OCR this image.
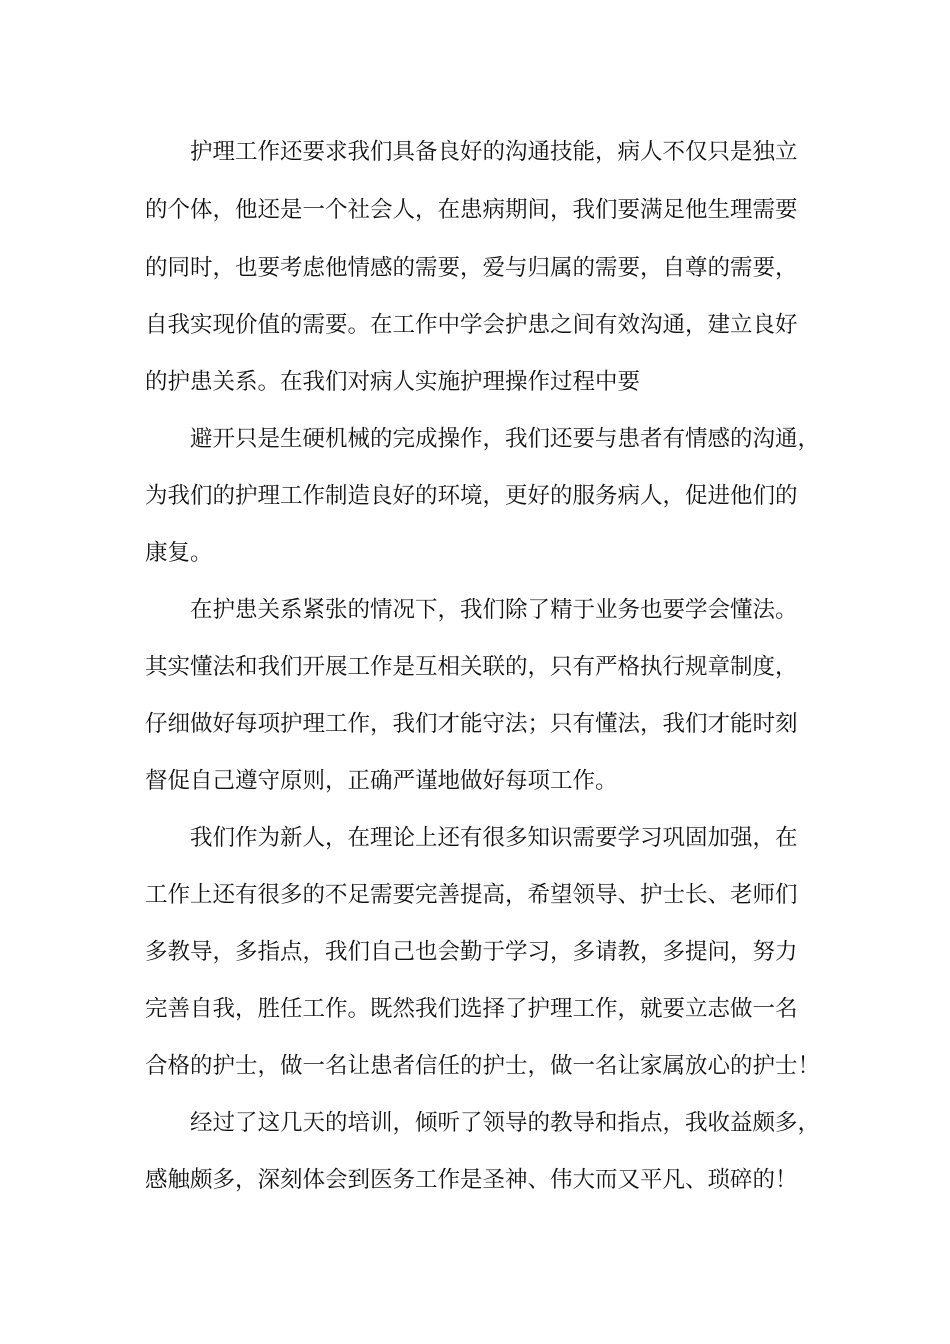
护理工作还要求我们具备良好的沟通技能，病人不仅只是独立
的个体，他还是一个社会人，在患病期间，我们要满足他生理需要
的同时，也要考虑他情感的需要，爱与归属的需要，自尊的需要，
自我实现价值的需要。在工作中学会护患之间有效沟通，建立良好
的护患关系。在我们对病人实施护理操作过程中要
避开只是生硬机械的完成操作，我们还要与患者有情感的沟通，
为我们的护理工作制造良好的环境，更好的服务病人，促进他们的
康复。
在护患关系紧张的情况下，我们除了精于业务也要学会懂法。
其实懂法和我们开展工作是互相关联的，只有严格执行规章制度，
仔细做好每项护理工作，我们才能守法；只有懂法，我们才能时刻
督促自己遵守原则，正确严谨地做好每项工作。
我们作为新人，在理论上还有很多知识需要学习巩固加强，在
工作上还有很多的不足需要完善提高，希望领导、护士长、老师们
多教导，多指点，我们自己也会勤于学习，多请教，多提问，努力
完善自我，胜任工作。既然我们选择了护理工作，就要立志做一名
合格的护士，做一名让患者信任的护士，做一名让家属放心的护士！
经过了这几天的培训，倾听了领导的教导和指点，我收益颇多，
感触颇多，深刻体会到医务工作是圣神、伟大而又平凡、琐碎的！
